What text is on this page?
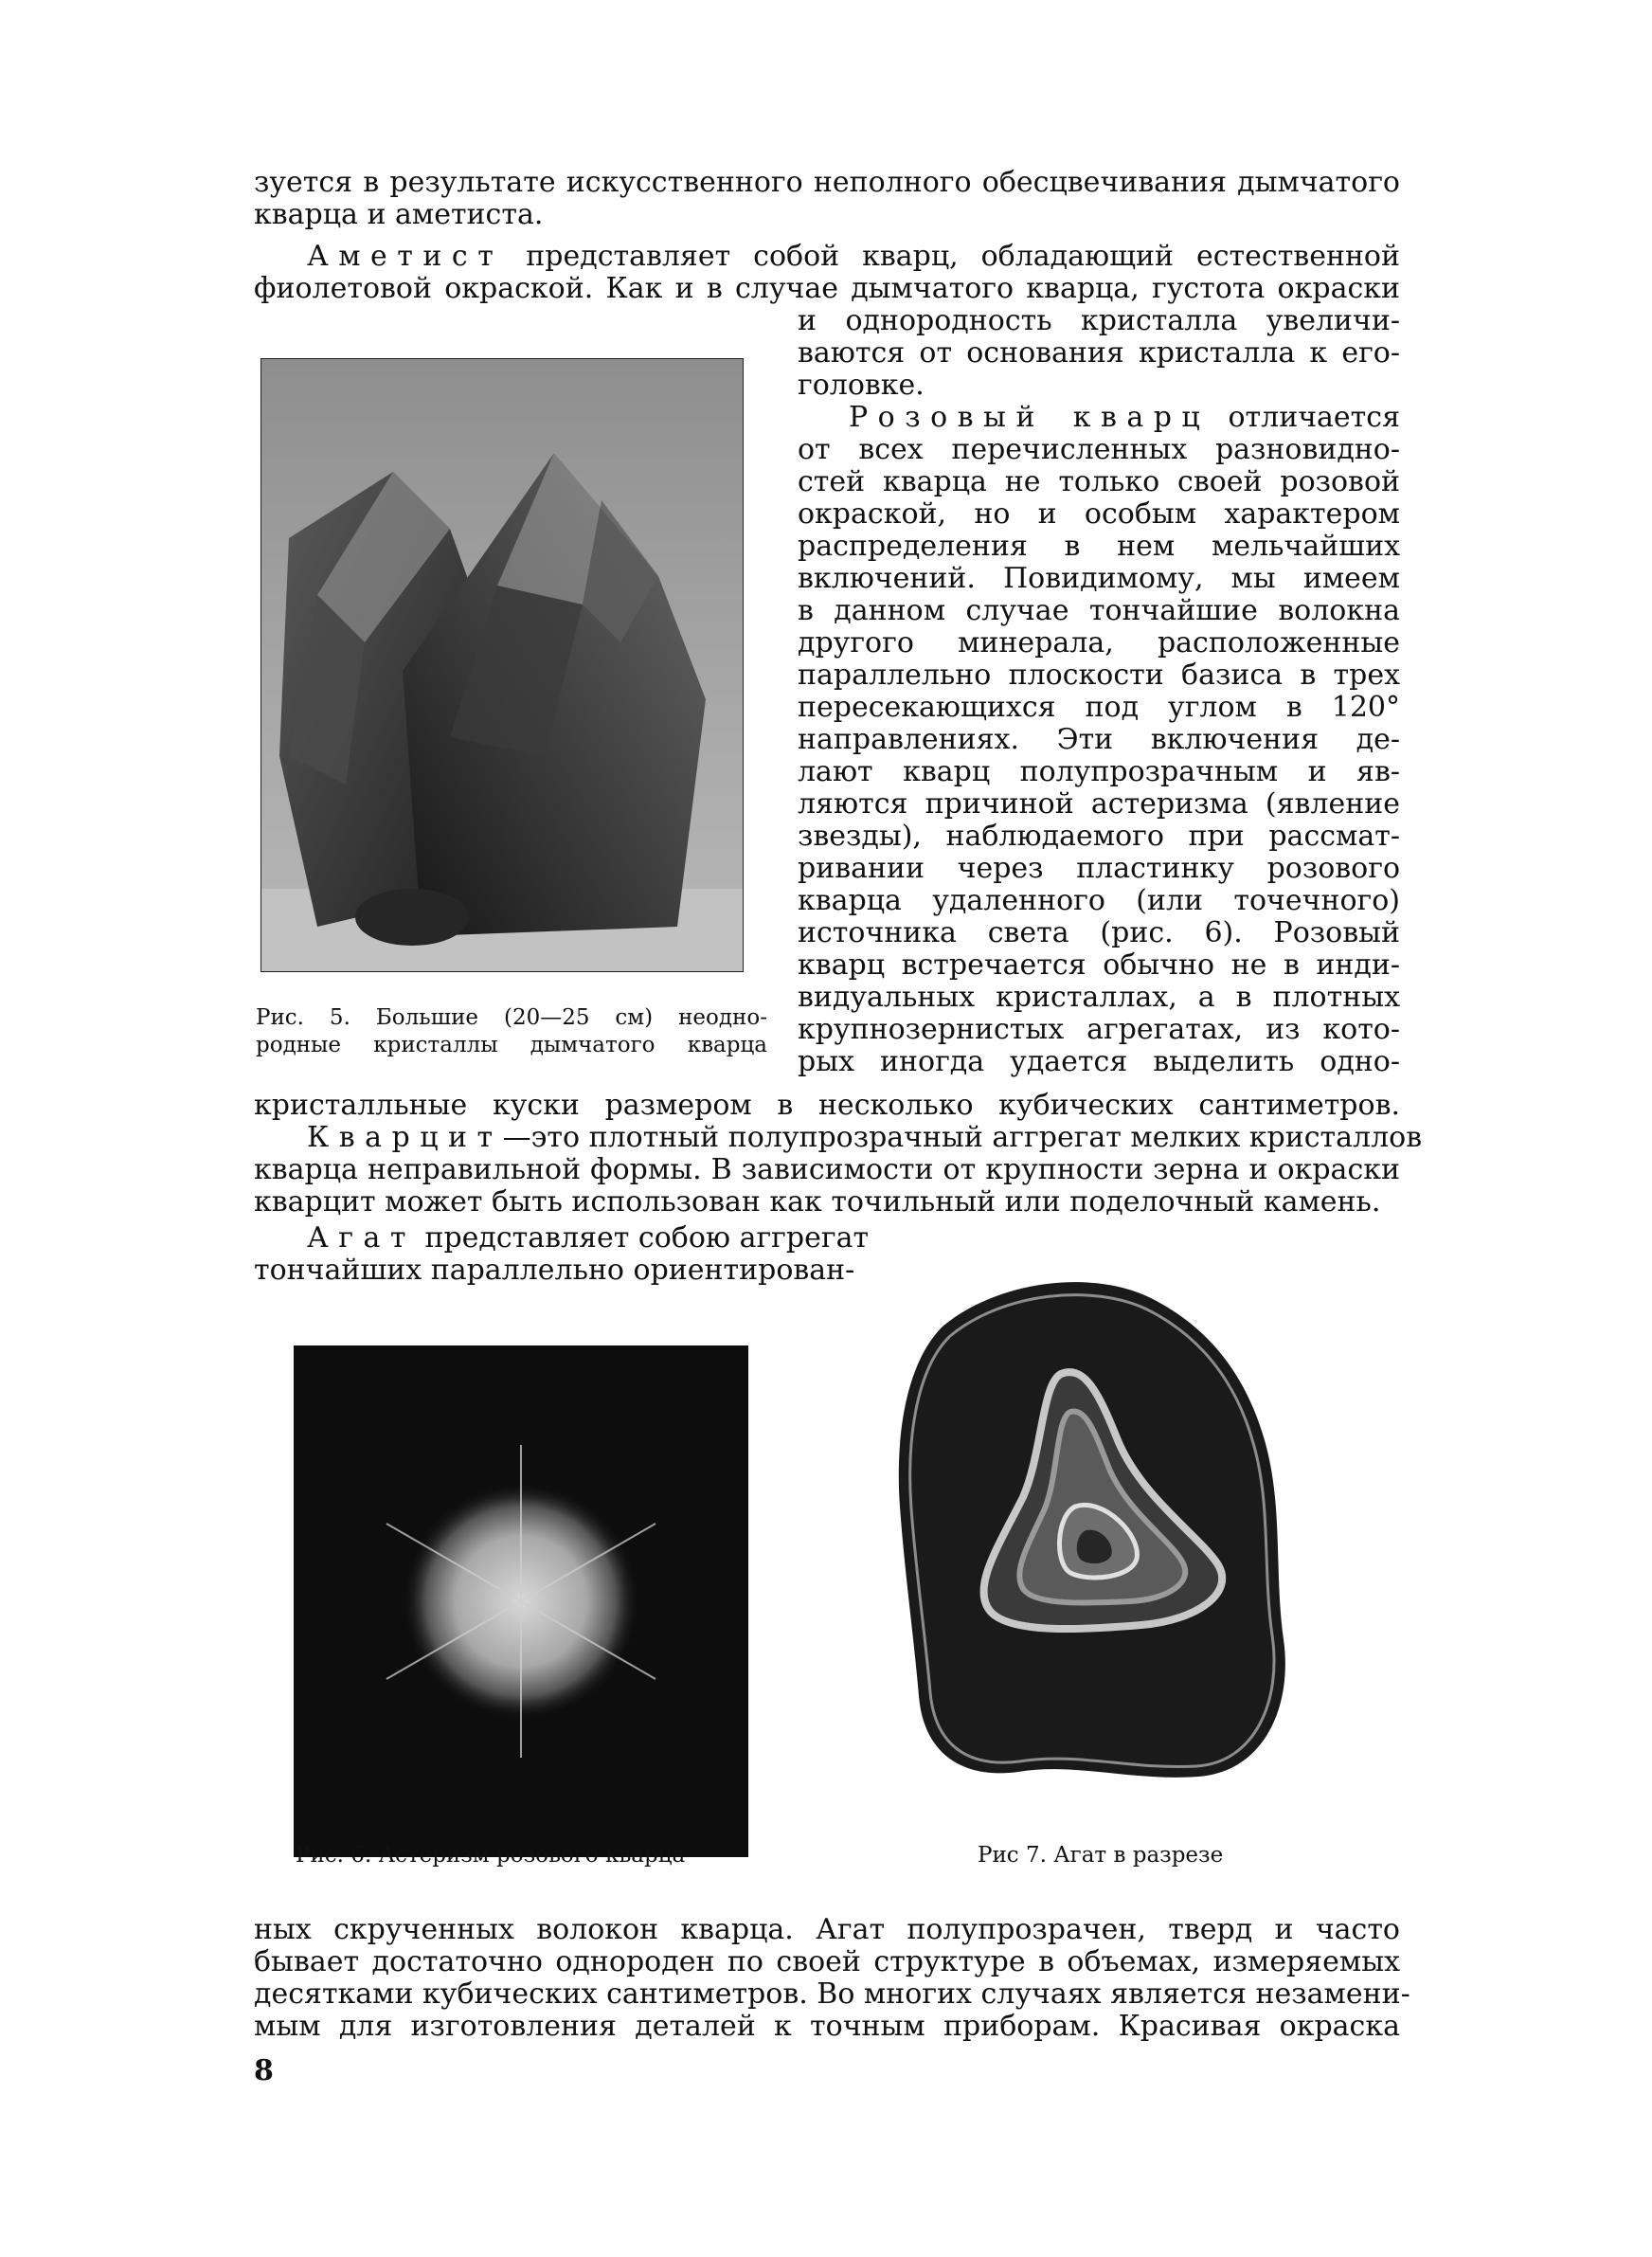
зуется в результате искусственного неполного обесцвечивания дымчатого
кварца и аметиста.
Аметист представляет собой кварц, обладающий естественной
фиолетовой окраской. Как и в случае дымчатого кварца, густота окраски
и однородность кристалла увеличи-
ваются от основания кристалла к его-
головке.
Розовый кварц отличается
от всех перечисленных разновидно-
стей кварца не только своей розовой
окраской, но и особым характером
распределения в нем мельчайших
включений. Повидимому, мы имеем
в данном случае тончайшие волокна
другого минерала, расположенные
параллельно плоскости базиса в трех
пересекающихся под углом в 120°
направлениях. Эти включения де-
лают кварц полупрозрачным и яв-
ляются причиной астеризма (явление
звезды), наблюдаемого при рассмат-
ривании через пластинку розового
кварца удаленного (или точечного)
источника света (рис. 6). Розовый
кварц встречается обычно не в инди-
видуальных кристаллах, а в плотных
крупнозернистых агрегатах, из кото-
рых иногда удается выделить одно-
Рис. 5. Большие (20—25 см) неодно-
родные кристаллы дымчатого кварца
кристалльные куски размером в несколько кубических сантиметров.
Кварцит—это плотный полупрозрачный аггрегат мелких кристаллов
кварца неправильной формы. В зависимости от крупности зерна и окраски
кварцит может быть использован как точильный или поделочный камень.
Агат представляет собою аггрегат
тончайших параллельно ориентирован-
Рис. 6. Астеризм розового кварца	Рис 7. Агат в разрезе
ных скрученных волокон кварца. Агат полупрозрачен, тверд и часто
бывает достаточно однороден по своей структуре в объемах, измеряемых
десятками кубических сантиметров. Во многих случаях является незамени-
мым для изготовления деталей к точным приборам. Красивая окраска
8
